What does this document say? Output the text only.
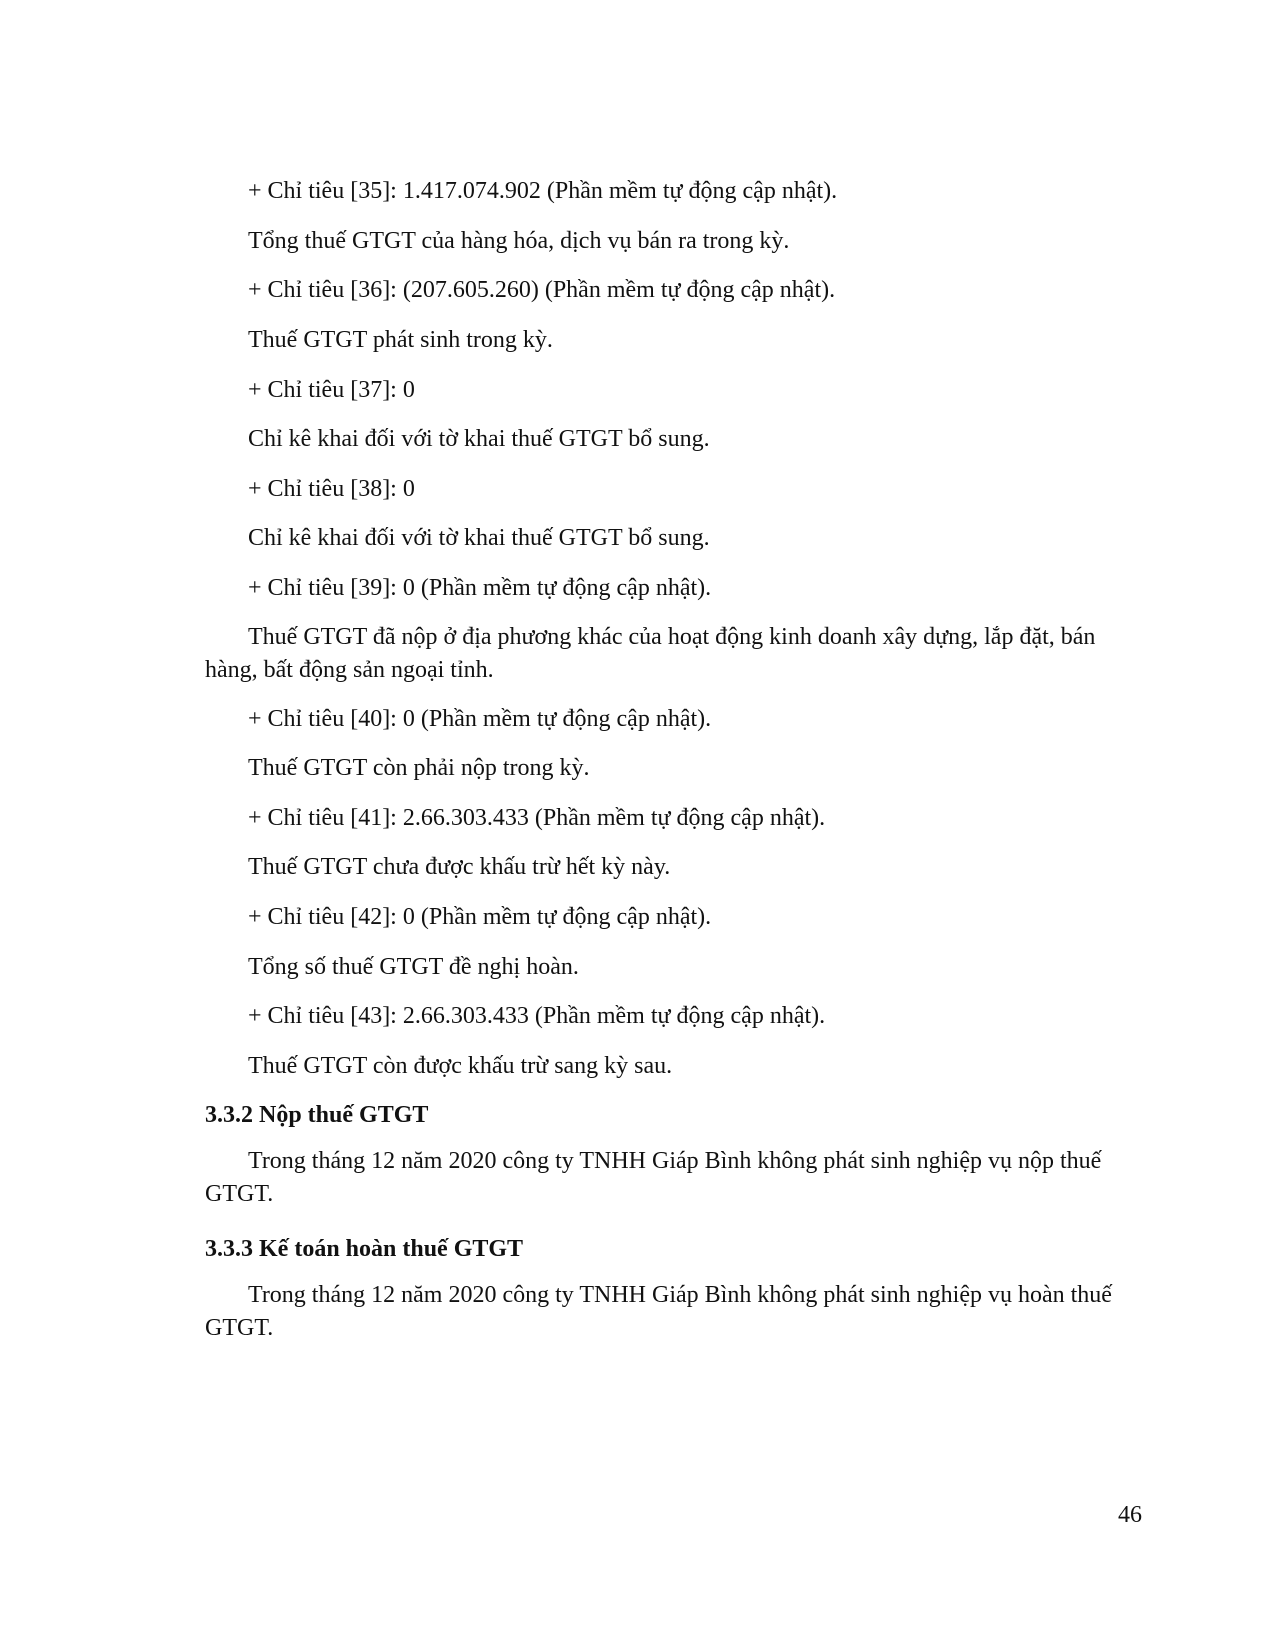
+ Chỉ tiêu [35]: 1.417.074.902 (Phần mềm tự động cập nhật).
Tổng thuế GTGT của hàng hóa, dịch vụ bán ra trong kỳ.
+ Chỉ tiêu [36]: (207.605.260) (Phần mềm tự động cập nhật).
Thuế GTGT phát sinh trong kỳ.
+ Chỉ tiêu [37]: 0
Chỉ kê khai đối với tờ khai thuế GTGT bổ sung.
+ Chỉ tiêu [38]: 0
Chỉ kê khai đối với tờ khai thuế GTGT bổ sung.
+ Chỉ tiêu [39]: 0 (Phần mềm tự động cập nhật).
Thuế GTGT đã nộp ở địa phương khác của hoạt động kinh doanh xây dựng, lắp đặt, bán hàng, bất động sản ngoại tỉnh.
+ Chỉ tiêu [40]: 0 (Phần mềm tự động cập nhật).
Thuế GTGT còn phải nộp trong kỳ.
+ Chỉ tiêu [41]: 2.66.303.433 (Phần mềm tự động cập nhật).
Thuế GTGT chưa được khấu trừ hết kỳ này.
+ Chỉ tiêu [42]: 0 (Phần mềm tự động cập nhật).
Tổng số thuế GTGT đề nghị hoàn.
+ Chỉ tiêu [43]: 2.66.303.433 (Phần mềm tự động cập nhật).
Thuế GTGT còn được khấu trừ sang kỳ sau.
3.3.2 Nộp thuế GTGT
Trong tháng 12 năm 2020 công ty TNHH Giáp Bình không phát sinh nghiệp vụ nộp thuế GTGT.
3.3.3 Kế toán hoàn thuế GTGT
Trong tháng 12 năm 2020 công ty TNHH Giáp Bình không phát sinh nghiệp vụ hoàn thuế GTGT.
46
